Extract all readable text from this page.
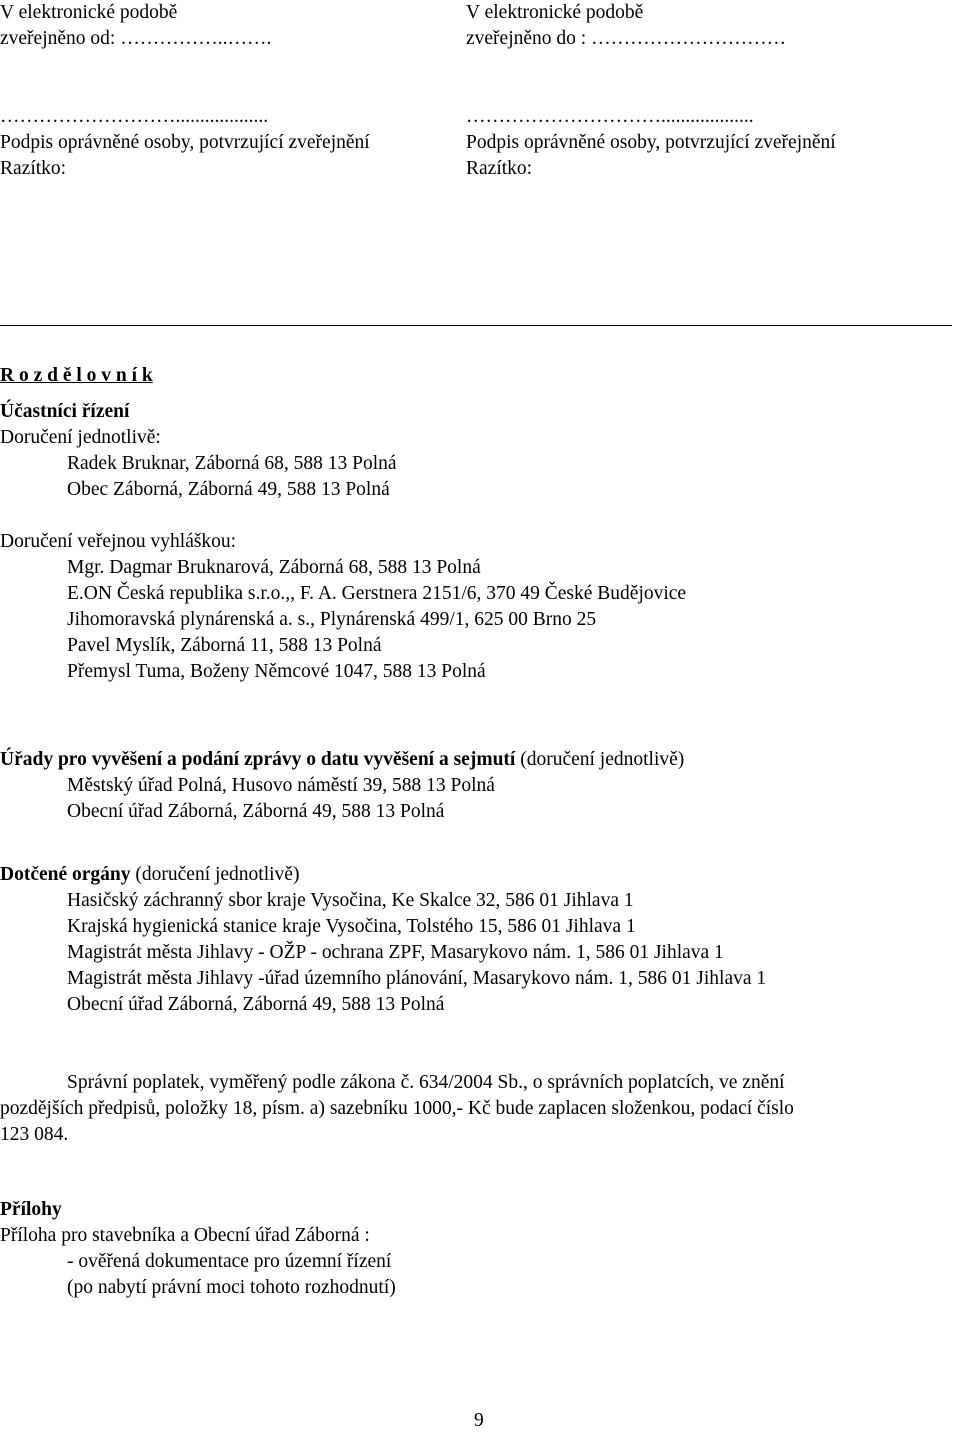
V elektronické podobě
zveřejněno od: ……………..…….
………………………...................
Podpis oprávněné osoby, potvrzující zveřejnění
Razítko:
V elektronické podobě
zveřejněno do : …………………………
…………………………...................
Podpis oprávněné osoby, potvrzující zveřejnění
Razítko:
R o z d ě l o v n í k
Účastníci řízení
Doručení jednotlivě:
Radek Bruknar, Záborná 68, 588 13 Polná
Obec Záborná, Záborná 49, 588 13 Polná
Doručení veřejnou vyhláškou:
Mgr. Dagmar Bruknarová, Záborná 68, 588 13 Polná
E.ON Česká republika s.r.o.,, F. A. Gerstnera 2151/6, 370 49 České Budějovice
Jihomoravská plynárenská a. s., Plynárenská 499/1, 625 00 Brno 25
Pavel Myslík, Záborná 11, 588 13 Polná
Přemysl Tuma, Boženy Němcové 1047, 588 13 Polná
Úřady pro vyvěšení a podání zprávy o datu vyvěšení a sejmutí (doručení jednotlivě)
Městský úřad Polná, Husovo náměstí 39, 588 13 Polná
Obecní úřad Záborná, Záborná 49, 588 13 Polná
Dotčené orgány (doručení jednotlivě)
Hasičský záchranný sbor kraje Vysočina, Ke Skalce 32, 586 01 Jihlava 1
Krajská hygienická stanice kraje Vysočina, Tolstého 15, 586 01 Jihlava 1
Magistrát města Jihlavy - OŽP - ochrana ZPF, Masarykovo nám. 1, 586 01 Jihlava 1
Magistrát města Jihlavy -úřad územního plánování, Masarykovo nám. 1, 586 01 Jihlava 1
Obecní úřad Záborná, Záborná 49, 588 13 Polná
Správní poplatek, vyměřený podle zákona č. 634/2004 Sb., o správních poplatcích, ve znění
pozdějších předpisů, položky 18, písm. a) sazebníku 1000,- Kč bude zaplacen složenkou, podací číslo
123 084.
Přílohy
Příloha pro stavebníka a Obecní úřad Záborná :
- ověřená dokumentace pro územní řízení
(po nabytí právní moci tohoto rozhodnutí)
9
